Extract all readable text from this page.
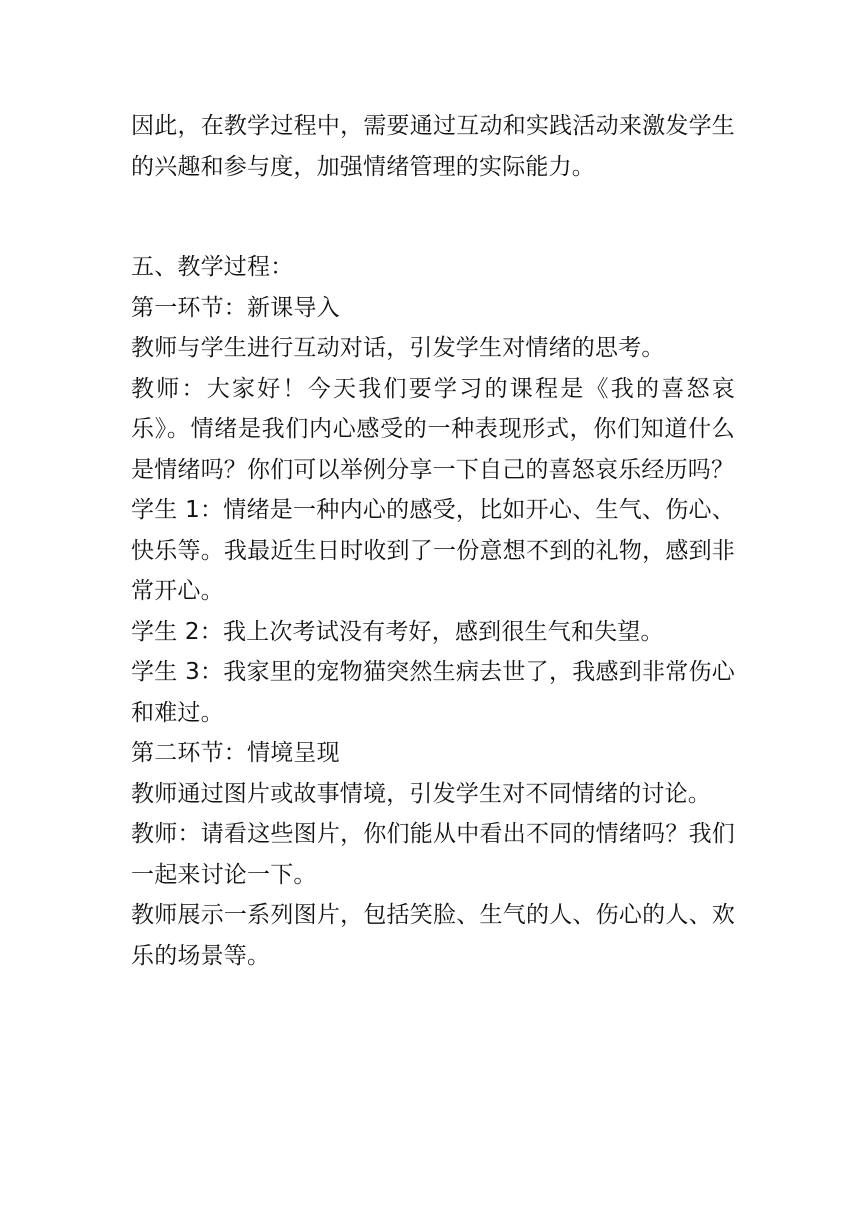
因此，在教学过程中，需要通过互动和实践活动来激发学生的兴趣和参与度，加强情绪管理的实际能力。

五、教学过程：

第一环节：新课导入

教师与学生进行互动对话，引发学生对情绪的思考。

教师：大家好！今天我们要学习的课程是《我的喜怒哀乐》。情绪是我们内心感受的一种表现形式，你们知道什么是情绪吗？你们可以举例分享一下自己的喜怒哀乐经历吗？

学生 1：情绪是一种内心的感受，比如开心、生气、伤心、快乐等。我最近生日时收到了一份意想不到的礼物，感到非常开心。

学生 2：我上次考试没有考好，感到很生气和失望。

学生 3：我家里的宠物猫突然生病去世了，我感到非常伤心和难过。

第二环节：情境呈现

教师通过图片或故事情境，引发学生对不同情绪的讨论。

教师：请看这些图片，你们能从中看出不同的情绪吗？我们一起来讨论一下。

教师展示一系列图片，包括笑脸、生气的人、伤心的人、欢乐的场景等。
